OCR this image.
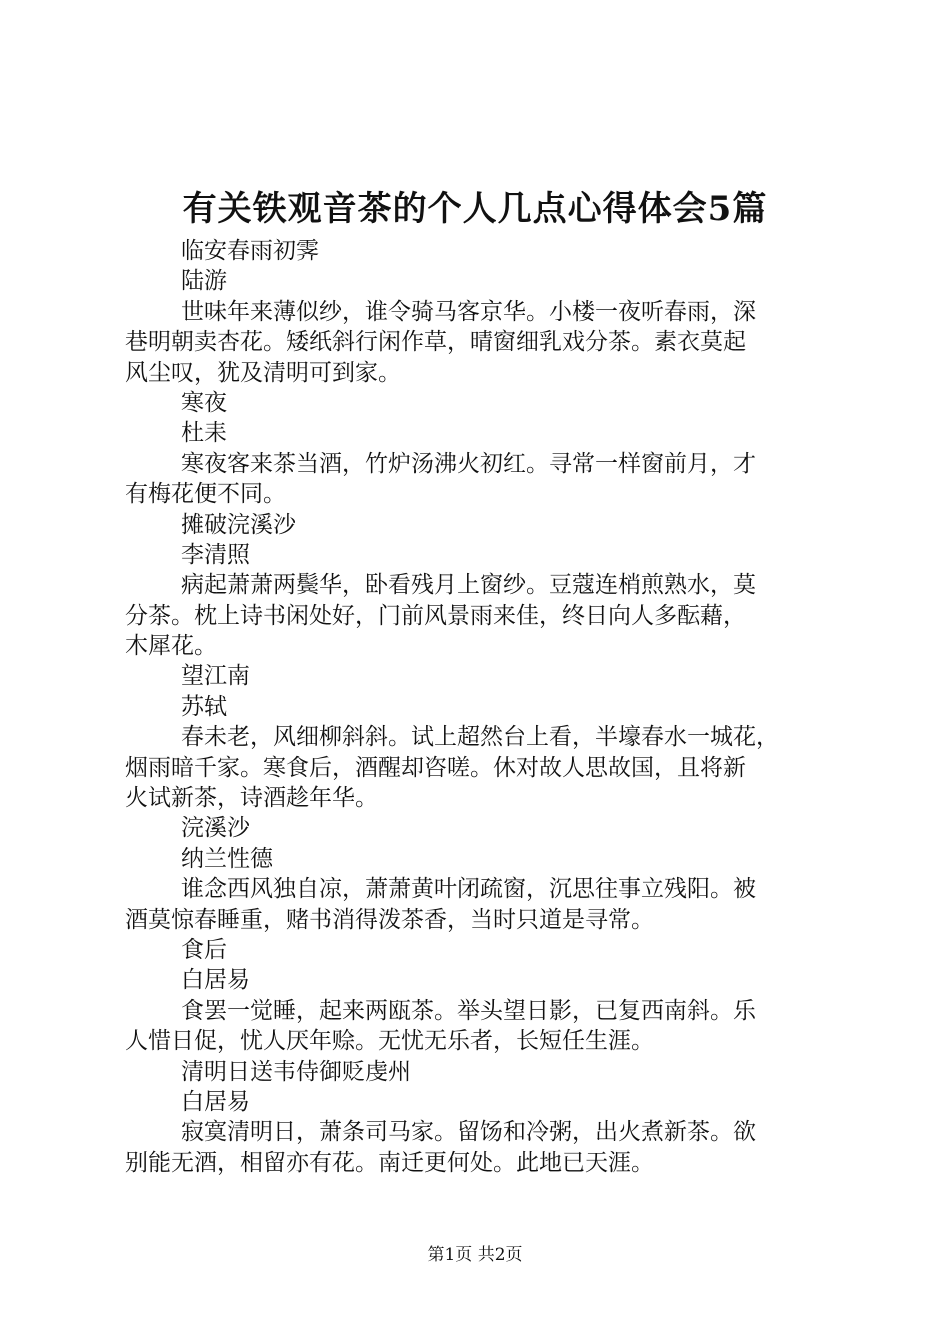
有关铁观音茶的个人几点心得体会5篇
临安春雨初霁
陆游
世味年来薄似纱，谁令骑马客京华。小楼一夜听春雨，深
巷明朝卖杏花。矮纸斜行闲作草，晴窗细乳戏分茶。素衣莫起
风尘叹，犹及清明可到家。
寒夜
杜耒
寒夜客来茶当酒，竹炉汤沸火初红。寻常一样窗前月，才
有梅花便不同。
摊破浣溪沙
李清照
病起萧萧两鬓华，卧看残月上窗纱。豆蔻连梢煎熟水，莫
分茶。枕上诗书闲处好，门前风景雨来佳，终日向人多酝藉，
木犀花。
望江南
苏轼
春未老，风细柳斜斜。试上超然台上看，半壕春水一城花，
烟雨暗千家。寒食后，酒醒却咨嗟。休对故人思故国，且将新
火试新茶，诗酒趁年华。
浣溪沙
纳兰性德
谁念西风独自凉，萧萧黄叶闭疏窗，沉思往事立残阳。被
酒莫惊春睡重，赌书消得泼茶香，当时只道是寻常。
食后
白居易
食罢一觉睡，起来两瓯茶。举头望日影，已复西南斜。乐
人惜日促，忧人厌年赊。无忧无乐者，长短任生涯。
清明日送韦侍御贬虔州
白居易
寂寞清明日，萧条司马家。留饧和冷粥，出火煮新茶。欲
别能无酒，相留亦有花。南迁更何处。此地已天涯。
第1页 共2页
